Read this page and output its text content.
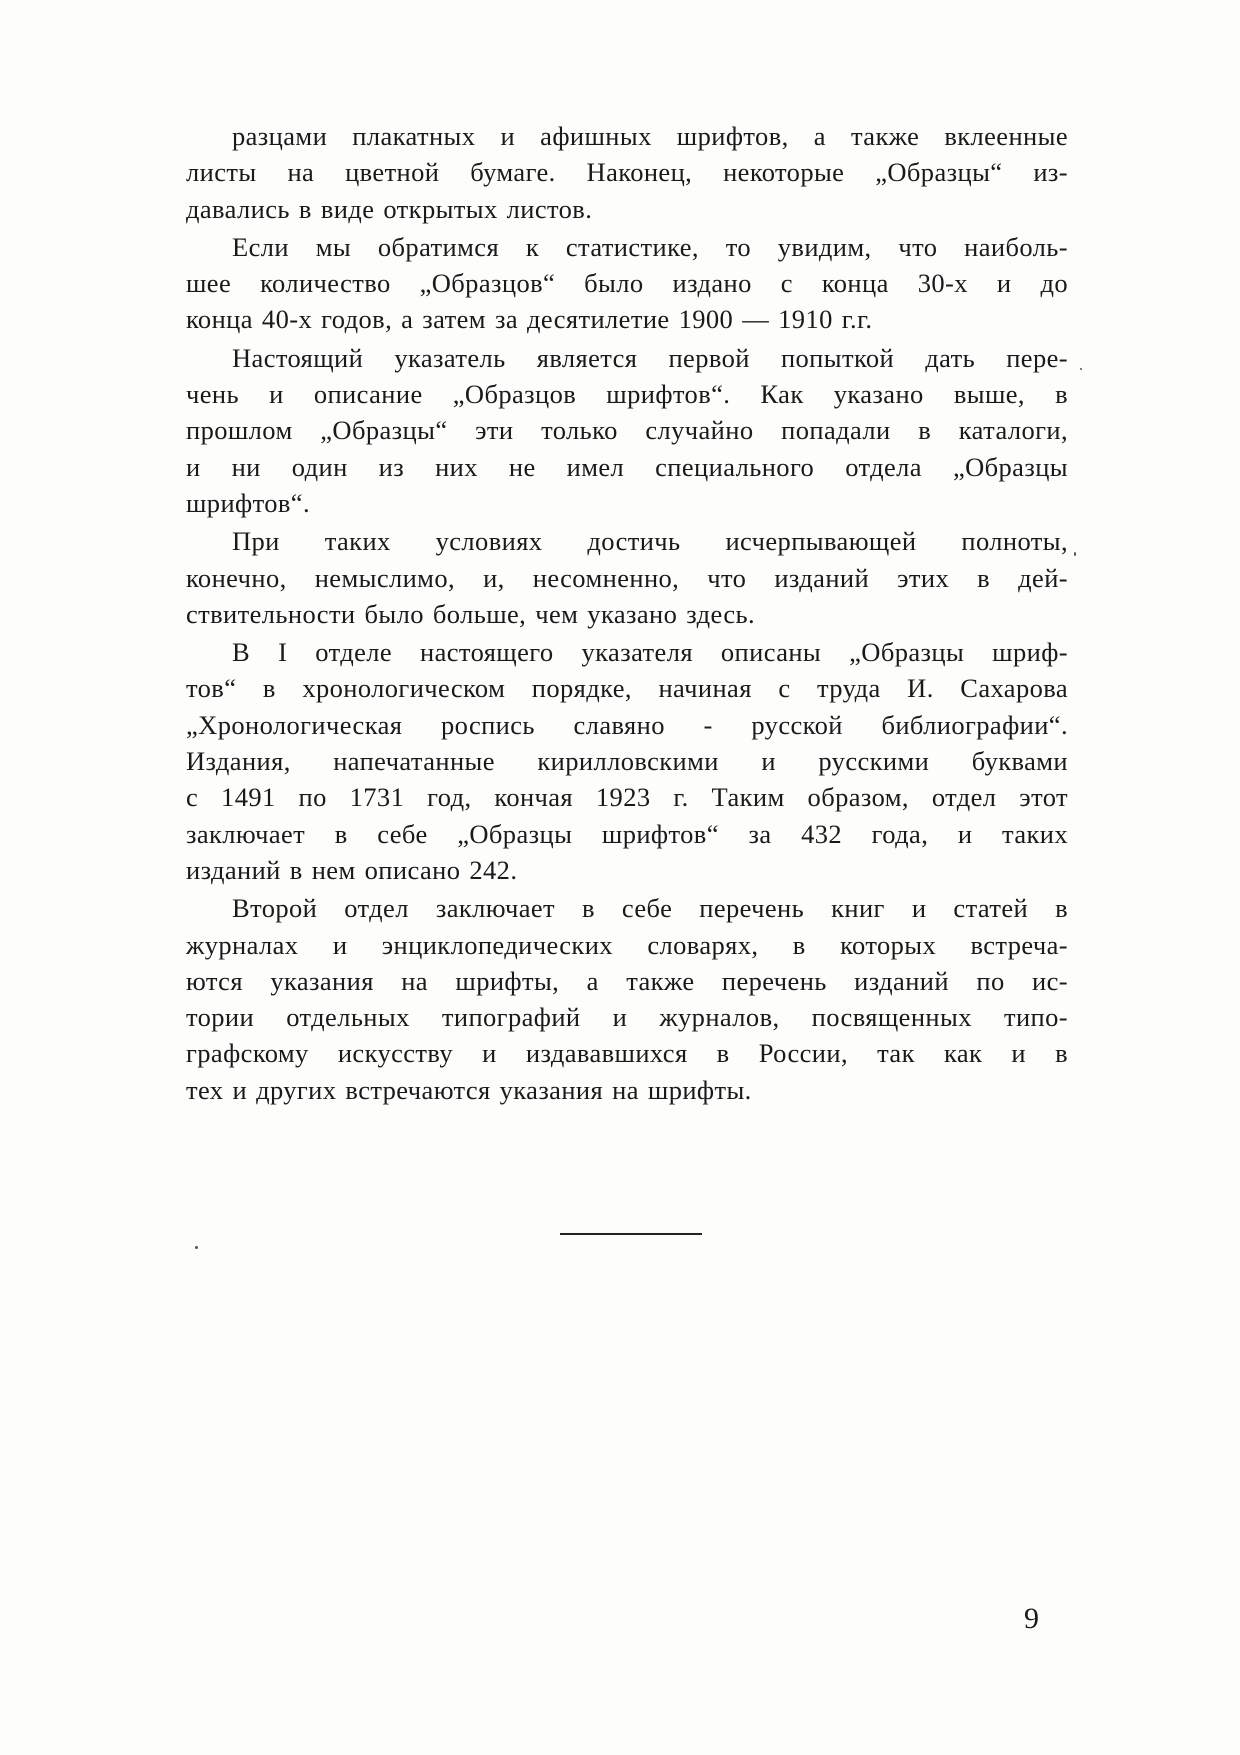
разцами плакатных и афишных шрифтов, а также вклеенные
листы на цветной бумаге. Наконец, некоторые „Образцы“ из-
давались в виде открытых листов.
Если мы обратимся к статистике, то увидим, что наиболь-
шее количество „Образцов“ было издано с конца 30-х и до
конца 40-х годов, а затем за десятилетие 1900 — 1910 г.г.
Настоящий указатель является первой попыткой дать пере-
чень и описание „Образцов шрифтов“. Как указано выше, в
прошлом „Образцы“ эти только случайно попадали в каталоги,
и ни один из них не имел специального отдела „Образцы
шрифтов“.
При таких условиях достичь исчерпывающей полноты,
конечно, немыслимо, и, несомненно, что изданий этих в дей-
ствительности было больше, чем указано здесь.
В I отделе настоящего указателя описаны „Образцы шриф-
тов“ в хронологическом порядке, начиная с труда И. Сахарова
„Хронологическая роспись славяно - русской библиографии“.
Издания, напечатанные кирилловскими и русскими буквами
с 1491 по 1731 год, кончая 1923 г. Таким образом, отдел этот
заключает в себе „Образцы шрифтов“ за 432 года, и таких
изданий в нем описано 242.
Второй отдел заключает в себе перечень книг и статей в
журналах и энциклопедических словарях, в которых встреча-
ются указания на шрифты, а также перечень изданий по ис-
тории отдельных типографий и журналов, посвященных типо-
графскому искусству и издававшихся в России, так как и в
тех и других встречаются указания на шрифты.
9
